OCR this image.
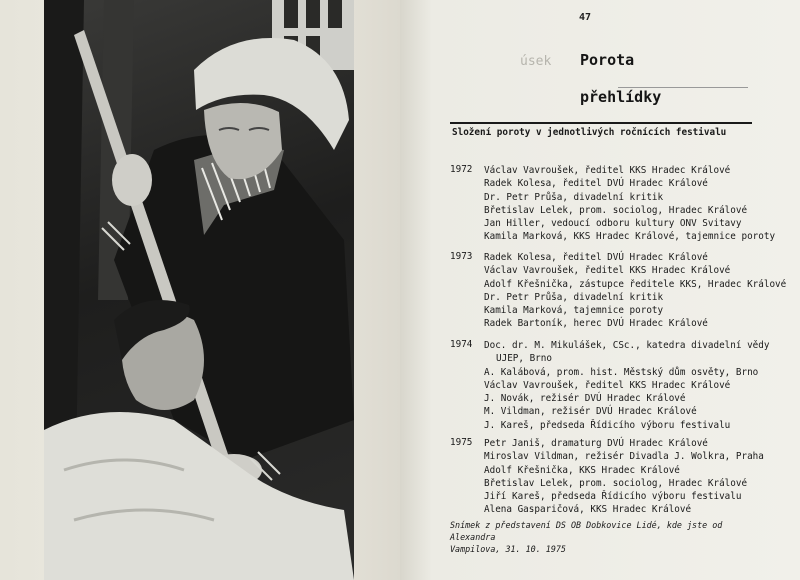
47
úsek Porota
přehlídky
Složení poroty v jednotlivých ročnících festivalu
1972 Václav Vavroušek, ředitel KKS Hradec Králové
Radek Kolesa, ředitel DVÚ Hradec Králové
Dr. Petr Průša, divadelní kritik
Břetislav Lelek, prom. sociolog, Hradec Králové
Jan Hiller, vedoucí odboru kultury ONV Svitavy
Kamila Marková, KKS Hradec Králové, tajemnice poroty
1973 Radek Kolesa, ředitel DVÚ Hradec Králové
Václav Vavroušek, ředitel KKS Hradec Králové
Adolf Křešnička, zástupce ředitele KKS, Hradec Králové
Dr. Petr Průša, divadelní kritik
Kamila Marková, tajemnice poroty
Radek Bartoník, herec DVÚ Hradec Králové
1974 Doc. dr. M. Mikulášek, CSc., katedra divadelní vědy
UJEP, Brno
A. Kalábová, prom. hist. Městský dům osvěty, Brno
Václav Vavroušek, ředitel KKS Hradec Králové
J. Novák, režisér DVÚ Hradec Králové
M. Vildman, režisér DVÚ Hradec Králové
J. Kareš, předseda Řídicího výboru festivalu
1975 Petr Janiš, dramaturg DVÚ Hradec Králové
Miroslav Vildman, režisér Divadla J. Wolkra, Praha
Adolf Křešnička, KKS Hradec Králové
Břetislav Lelek, prom. sociolog, Hradec Králové
Jiří Kareš, předseda Řídicího výboru festivalu
Alena Gasparičová, KKS Hradec Králové
Snímek z představení DS OB Dobkovice Lidé, kde jste od Alexandra
Vampilova, 31. 10. 1975
